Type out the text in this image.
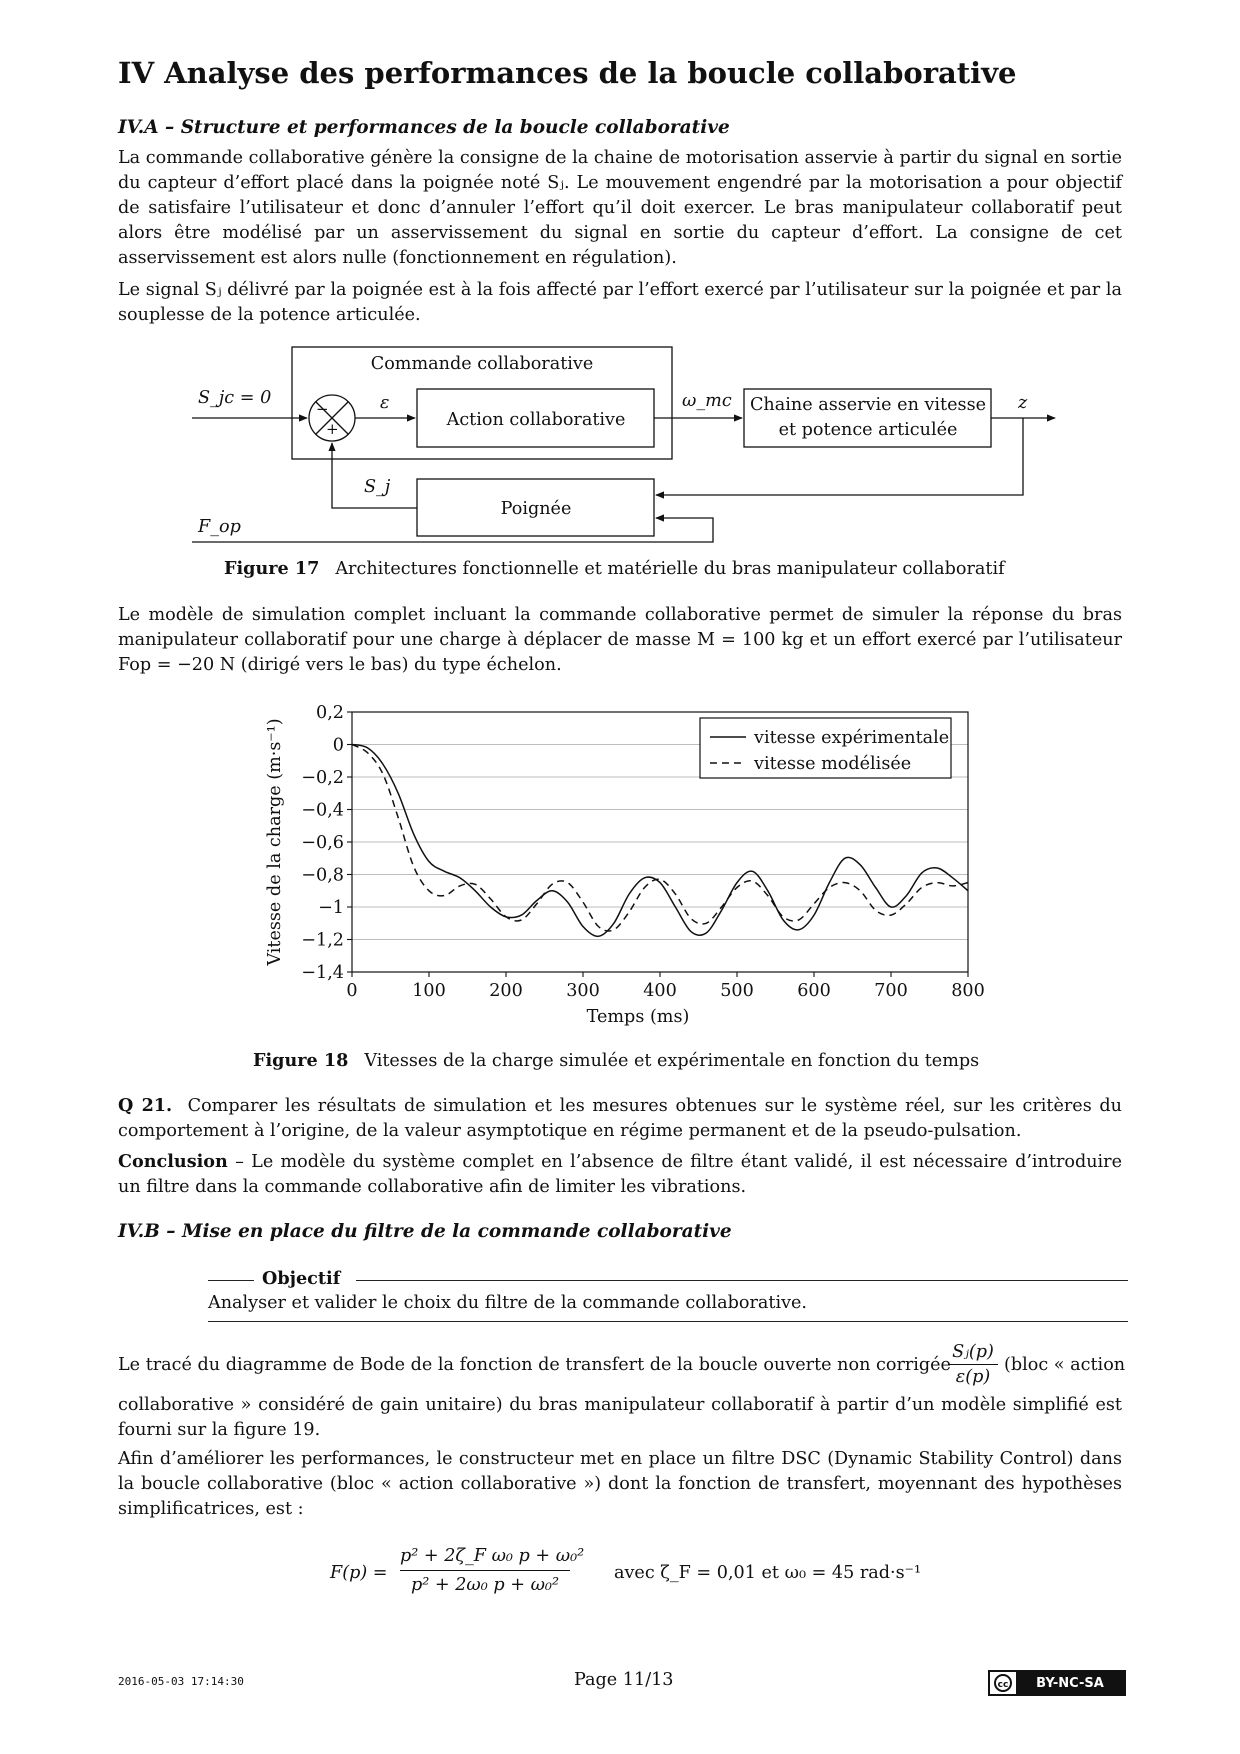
IV Analyse des performances de la boucle collaborative
IV.A – Structure et performances de la boucle collaborative
La commande collaborative génère la consigne de la chaine de motorisation asservie à partir du signal en sortie du capteur d’effort placé dans la poignée noté Sⱼ. Le mouvement engendré par la motorisation a pour objectif de satisfaire l’utilisateur et donc d’annuler l’effort qu’il doit exercer. Le bras manipulateur collaboratif peut alors être modélisé par un asservissement du signal en sortie du capteur d’effort. La consigne de cet asservissement est alors nulle (fonctionnement en régulation).
Le signal Sⱼ délivré par la poignée est à la fois affecté par l’effort exercé par l’utilisateur sur la poignée et par la souplesse de la potence articulée.
Commande collaborative
Action collaborative
Chaine asservie en vitesse
et potence articulée
Poignée
S_jc = 0	ε	ω_mc	z
S_j
F_op
−
+
Figure 17 Architectures fonctionnelle et matérielle du bras manipulateur collaboratif
Le modèle de simulation complet incluant la commande collaborative permet de simuler la réponse du bras manipulateur collaboratif pour une charge à déplacer de masse M = 100 kg et un effort exercé par l’utilisateur Fop = −20 N (dirigé vers le bas) du type échelon.
0,2
0
−0,2
−0,4
−0,6
−0,8
−1
−1,2
−1,4
0	100 200 300 400 500 600 700 800
vitesse expérimentale
vitesse modélisée
Temps (ms)
Vitesse de la charge (m·s⁻¹)
Figure 18 Vitesses de la charge simulée et expérimentale en fonction du temps
Q 21. Comparer les résultats de simulation et les mesures obtenues sur le système réel, sur les critères du comportement à l’origine, de la valeur asymptotique en régime permanent et de la pseudo-pulsation.
Conclusion – Le modèle du système complet en l’absence de filtre étant validé, il est nécessaire d’introduire un filtre dans la commande collaborative afin de limiter les vibrations.
IV.B – Mise en place du filtre de la commande collaborative
Objectif
Analyser et valider le choix du filtre de la commande collaborative.
Le tracé du diagramme de Bode de la fonction de transfert de la boucle ouverte non corrigée
$\frac{\text{Sⱼ(p)}}{\varepsilon(p)}$ (bloc « action
collaborative » considéré de gain unitaire) du bras manipulateur collaboratif à partir d’un modèle simplifié est fourni sur la figure 19.
Afin d’améliorer les performances, le constructeur met en place un filtre DSC (Dynamic Stability Control) dans la boucle collaborative (bloc « action collaborative ») dont la fonction de transfert, moyennant des hypothèses simplificatrices, est :
$F(p) = \frac{\text{p² + 2ζ\_F ω₀ p + ω₀²}}{\text{p² + 2ω₀ p + ω₀²}}$	avec ζ_F = 0,01 et ω₀ = 45 rad·s⁻¹
2016-05-03 17:14:30	Page 11/13	cc	BY-NC-SA
